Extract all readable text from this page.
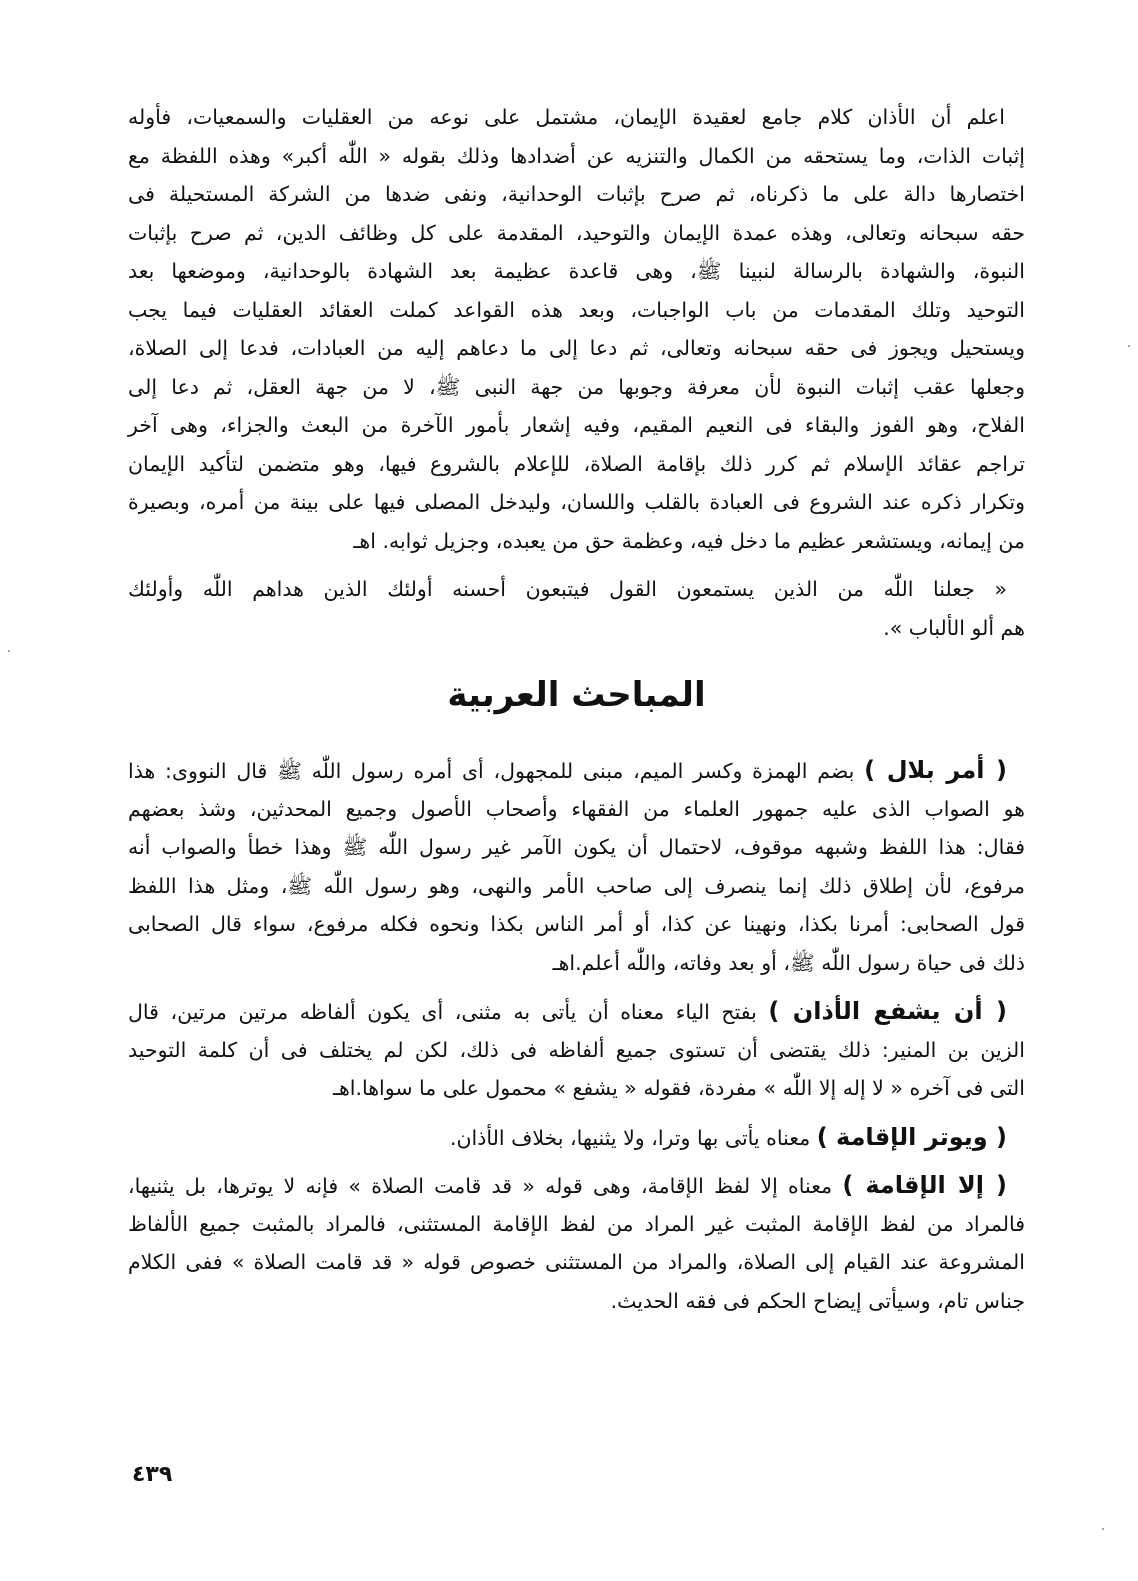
اعلم أن الأذان كلام جامع لعقيدة الإيمان، مشتمل على نوعه من العقليات والسمعيات، فأوله
إثبات الذات، وما يستحقه من الكمال والتنزيه عن أضدادها وذلك بقوله « اللّٰه أكبر» وهذه اللفظة مع
اختصارها دالة على ما ذكرناه، ثم صرح بإثبات الوحدانية، ونفى ضدها من الشركة المستحيلة فى
حقه سبحانه وتعالى، وهذه عمدة الإيمان والتوحيد، المقدمة على كل وظائف الدين، ثم صرح بإثبات
النبوة، والشهادة بالرسالة لنبينا ﷺ، وهى قاعدة عظيمة بعد الشهادة بالوحدانية، وموضعها بعد
التوحيد وتلك المقدمات من باب الواجبات، وبعد هذه القواعد كملت العقائد العقليات فيما يجب
ويستحيل ويجوز فى حقه سبحانه وتعالى، ثم دعا إلى ما دعاهم إليه من العبادات، فدعا إلى الصلاة،
وجعلها عقب إثبات النبوة لأن معرفة وجوبها من جهة النبى ﷺ، لا من جهة العقل، ثم دعا إلى
الفلاح، وهو الفوز والبقاء فى النعيم المقيم، وفيه إشعار بأمور الآخرة من البعث والجزاء، وهى آخر
تراجم عقائد الإسلام ثم كرر ذلك بإقامة الصلاة، للإعلام بالشروع فيها، وهو متضمن لتأكيد الإيمان
وتكرار ذكره عند الشروع فى العبادة بالقلب واللسان، وليدخل المصلى فيها على بينة من أمره، وبصيرة
من إيمانه، ويستشعر عظيم ما دخل فيه، وعظمة حق من يعبده، وجزيل ثوابه. اهـ
« جعلنا اللّٰه من الذين يستمعون القول فيتبعون أحسنه أولئك الذين هداهم اللّٰه وأولئك
هم ألو الألباب ».
المباحث العربية
( أمر بلال ) بضم الهمزة وكسر الميم، مبنى للمجهول، أى أمره رسول اللّٰه ﷺ قال النووى: هذا
هو الصواب الذى عليه جمهور العلماء من الفقهاء وأصحاب الأصول وجميع المحدثين، وشذ بعضهم
فقال: هذا اللفظ وشبهه موقوف، لاحتمال أن يكون الآمر غير رسول اللّٰه ﷺ وهذا خطأ والصواب أنه
مرفوع، لأن إطلاق ذلك إنما ينصرف إلى صاحب الأمر والنهى، وهو رسول اللّٰه ﷺ، ومثل هذا اللفظ
قول الصحابى: أمرنا بكذا، ونهينا عن كذا، أو أمر الناس بكذا ونحوه فكله مرفوع، سواء قال الصحابى
ذلك فى حياة رسول اللّٰه ﷺ، أو بعد وفاته، واللّٰه أعلم.اهـ
( أن يشفع الأذان ) بفتح الياء معناه أن يأتى به مثنى، أى يكون ألفاظه مرتين مرتين، قال
الزين بن المنير: ذلك يقتضى أن تستوى جميع ألفاظه فى ذلك، لكن لم يختلف فى أن كلمة التوحيد
التى فى آخره « لا إله إلا اللّٰه » مفردة، فقوله « يشفع » محمول على ما سواها.اهـ
( ويوتر الإقامة ) معناه يأتى بها وترا، ولا يثنيها، بخلاف الأذان.
( إلا الإقامة ) معناه إلا لفظ الإقامة، وهى قوله « قد قامت الصلاة » فإنه لا يوترها، بل يثنيها،
فالمراد من لفظ الإقامة المثبت غير المراد من لفظ الإقامة المستثنى، فالمراد بالمثبت جميع الألفاظ
المشروعة عند القيام إلى الصلاة، والمراد من المستثنى خصوص قوله « قد قامت الصلاة » ففى الكلام
جناس تام، وسيأتى إيضاح الحكم فى فقه الحديث.
٤٣٩
